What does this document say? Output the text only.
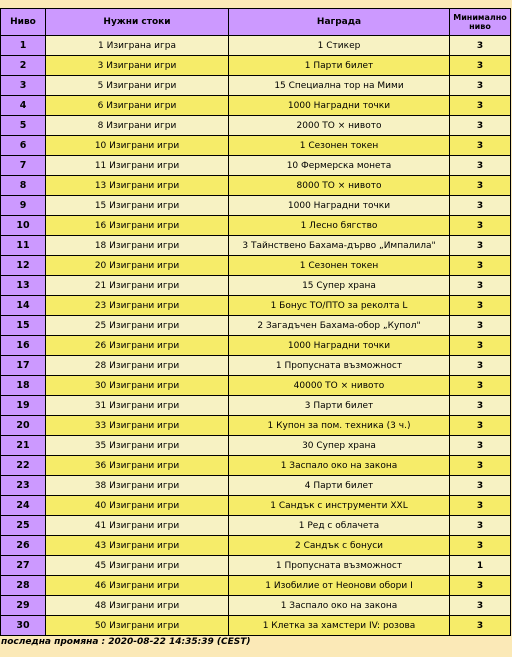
Ниво	Нужни стоки	Награда	Минимално ниво
1	1 Изиграна игра	1 Стикер	3
2	3 Изиграни игри	1 Парти билет	3
3	5 Изиграни игри	15 Специална тор на Мими	3
4	6 Изиграни игри	1000 Наградни точки	3
5	8 Изиграни игри	2000 ТО × нивото	3
6	10 Изиграни игри	1 Сезонен токен	3
7	11 Изиграни игри	10 Фермерска монета	3
8	13 Изиграни игри	8000 ТО × нивото	3
9	15 Изиграни игри	1000 Наградни точки	3
10	16 Изиграни игри	1 Лесно бягство	3
11	18 Изиграни игри	3 Тайнствено Бахама-дърво „Импалила"	3
12	20 Изиграни игри	1 Сезонен токен	3
13	21 Изиграни игри	15 Супер храна	3
14	23 Изиграни игри	1 Бонус ТО/ПТО за реколта L	3
15	25 Изиграни игри	2 Загадъчен Бахама-обор „Купол"	3
16	26 Изиграни игри	1000 Наградни точки	3
17	28 Изиграни игри	1 Пропусната възможност	3
18	30 Изиграни игри	40000 ТО × нивото	3
19	31 Изиграни игри	3 Парти билет	3
20	33 Изиграни игри	1 Купон за пом. техника (3 ч.)	3
21	35 Изиграни игри	30 Супер храна	3
22	36 Изиграни игри	1 Заспало око на закона	3
23	38 Изиграни игри	4 Парти билет	3
24	40 Изиграни игри	1 Сандък с инструменти XXL	3
25	41 Изиграни игри	1 Ред с облачета	3
26	43 Изиграни игри	2 Сандък с бонуси	3
27	45 Изиграни игри	1 Пропусната възможност	1
28	46 Изиграни игри	1 Изобилие от Неонови обори I	3
29	48 Изиграни игри	1 Заспало око на закона	3
30	50 Изиграни игри	1 Клетка за хамстери IV: розова	3
последна промяна : 2020-08-22 14:35:39 (CEST)
